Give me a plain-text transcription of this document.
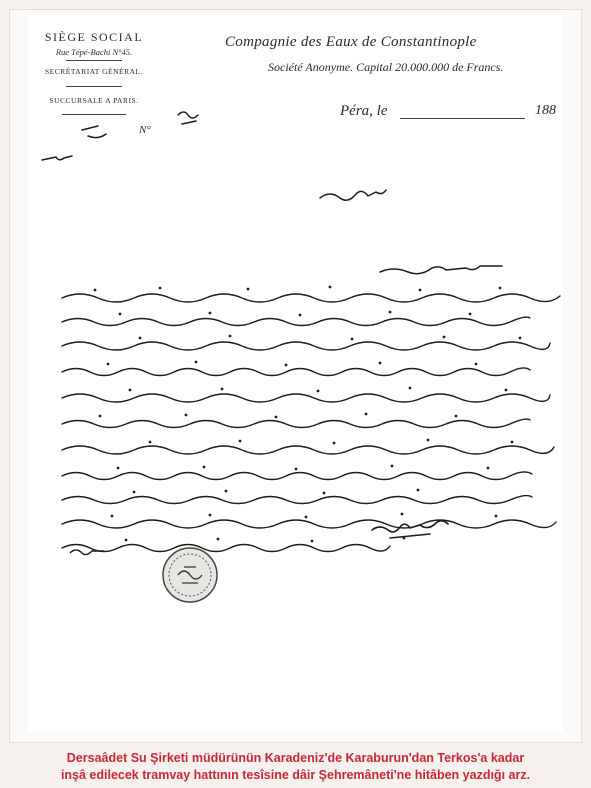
SIÈGE SOCIAL
Rue Tépé-Bachi N°45.
SECRÉTARIAT GÉNÉRAL.
SUCCURSALE A PARIS.
Compagnie des Eaux de Constantinople
Société Anonyme. Capital 20.000.000 de Francs.
Péra, le	188
N°
Dersaâdet Su Şirketi müdürünün Karadeniz'de Karaburun'dan Terkos'a kadar
inşâ edilecek tramvay hattının tesîsine dâir Şehremâneti'ne hitâben yazdığı arz.
